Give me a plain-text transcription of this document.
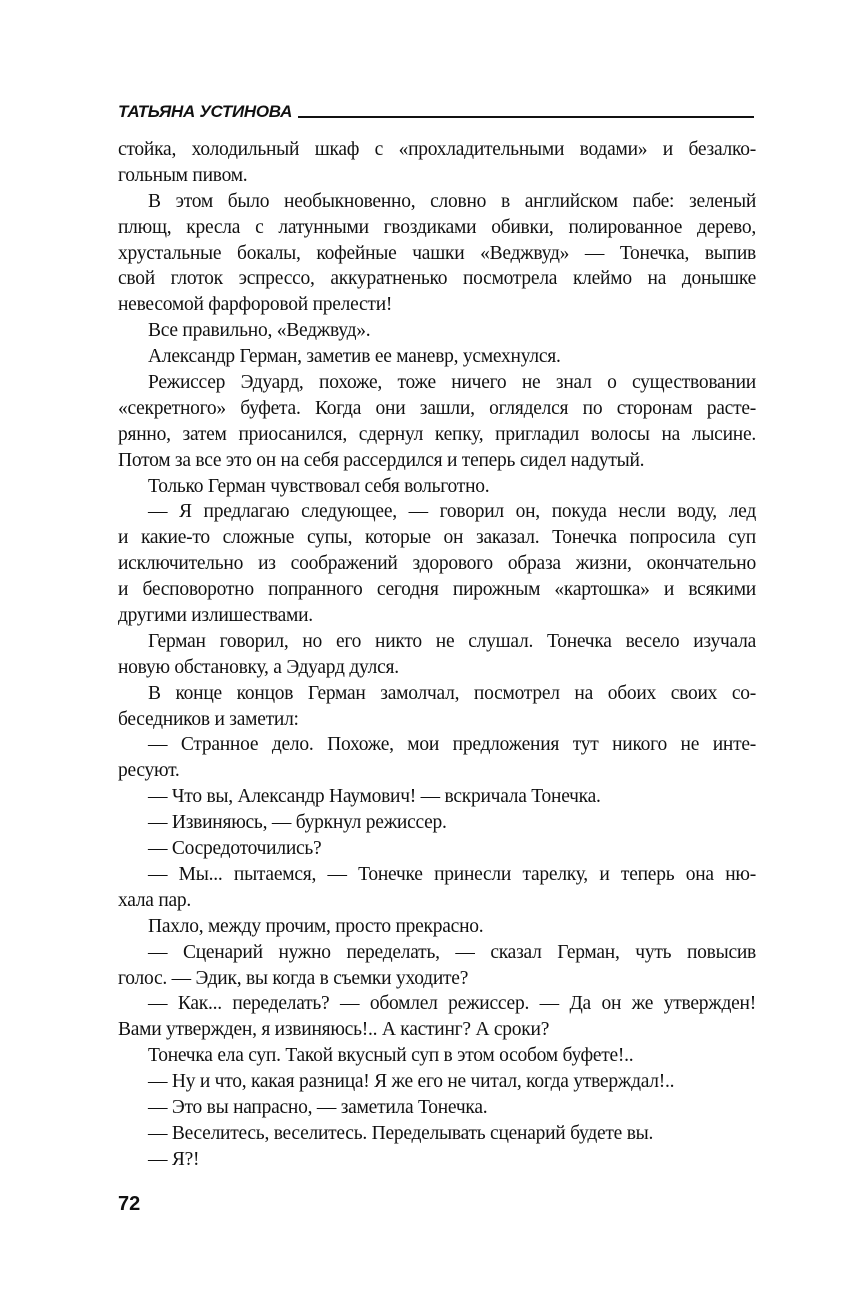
ТАТЬЯНА УСТИНОВА
стойка, холодильный шкаф с «прохладительными водами» и безалко-
гольным пивом.
В этом было необыкновенно, словно в английском пабе: зеленый
плющ, кресла с латунными гвоздиками обивки, полированное дерево,
хрустальные бокалы, кофейные чашки «Веджвуд» — Тонечка, выпив
свой глоток эспрессо, аккуратненько посмотрела клеймо на донышке
невесомой фарфоровой прелести!
Все правильно, «Веджвуд».
Александр Герман, заметив ее маневр, усмехнулся.
Режиссер Эдуард, похоже, тоже ничего не знал о существовании
«секретного» буфета. Когда они зашли, огляделся по сторонам расте-
рянно, затем приосанился, сдернул кепку, пригладил волосы на лысине.
Потом за все это он на себя рассердился и теперь сидел надутый.
Только Герман чувствовал себя вольготно.
— Я предлагаю следующее, — говорил он, покуда несли воду, лед
и какие-то сложные супы, которые он заказал. Тонечка попросила суп
исключительно из соображений здорового образа жизни, окончательно
и бесповоротно попранного сегодня пирожным «картошка» и всякими
другими излишествами.
Герман говорил, но его никто не слушал. Тонечка весело изучала
новую обстановку, а Эдуард дулся.
В конце концов Герман замолчал, посмотрел на обоих своих со-
беседников и заметил:
— Странное дело. Похоже, мои предложения тут никого не инте-
ресуют.
— Что вы, Александр Наумович! — вскричала Тонечка.
— Извиняюсь, — буркнул режиссер.
— Сосредоточились?
— Мы... пытаемся, — Тонечке принесли тарелку, и теперь она ню-
хала пар.
Пахло, между прочим, просто прекрасно.
— Сценарий нужно переделать, — сказал Герман, чуть повысив
голос. — Эдик, вы когда в съемки уходите?
— Как... переделать? — обомлел режиссер. — Да он же утвержден!
Вами утвержден, я извиняюсь!.. А кастинг? А сроки?
Тонечка ела суп. Такой вкусный суп в этом особом буфете!..
— Ну и что, какая разница! Я же его не читал, когда утверждал!..
— Это вы напрасно, — заметила Тонечка.
— Веселитесь, веселитесь. Переделывать сценарий будете вы.
— Я?!
72
